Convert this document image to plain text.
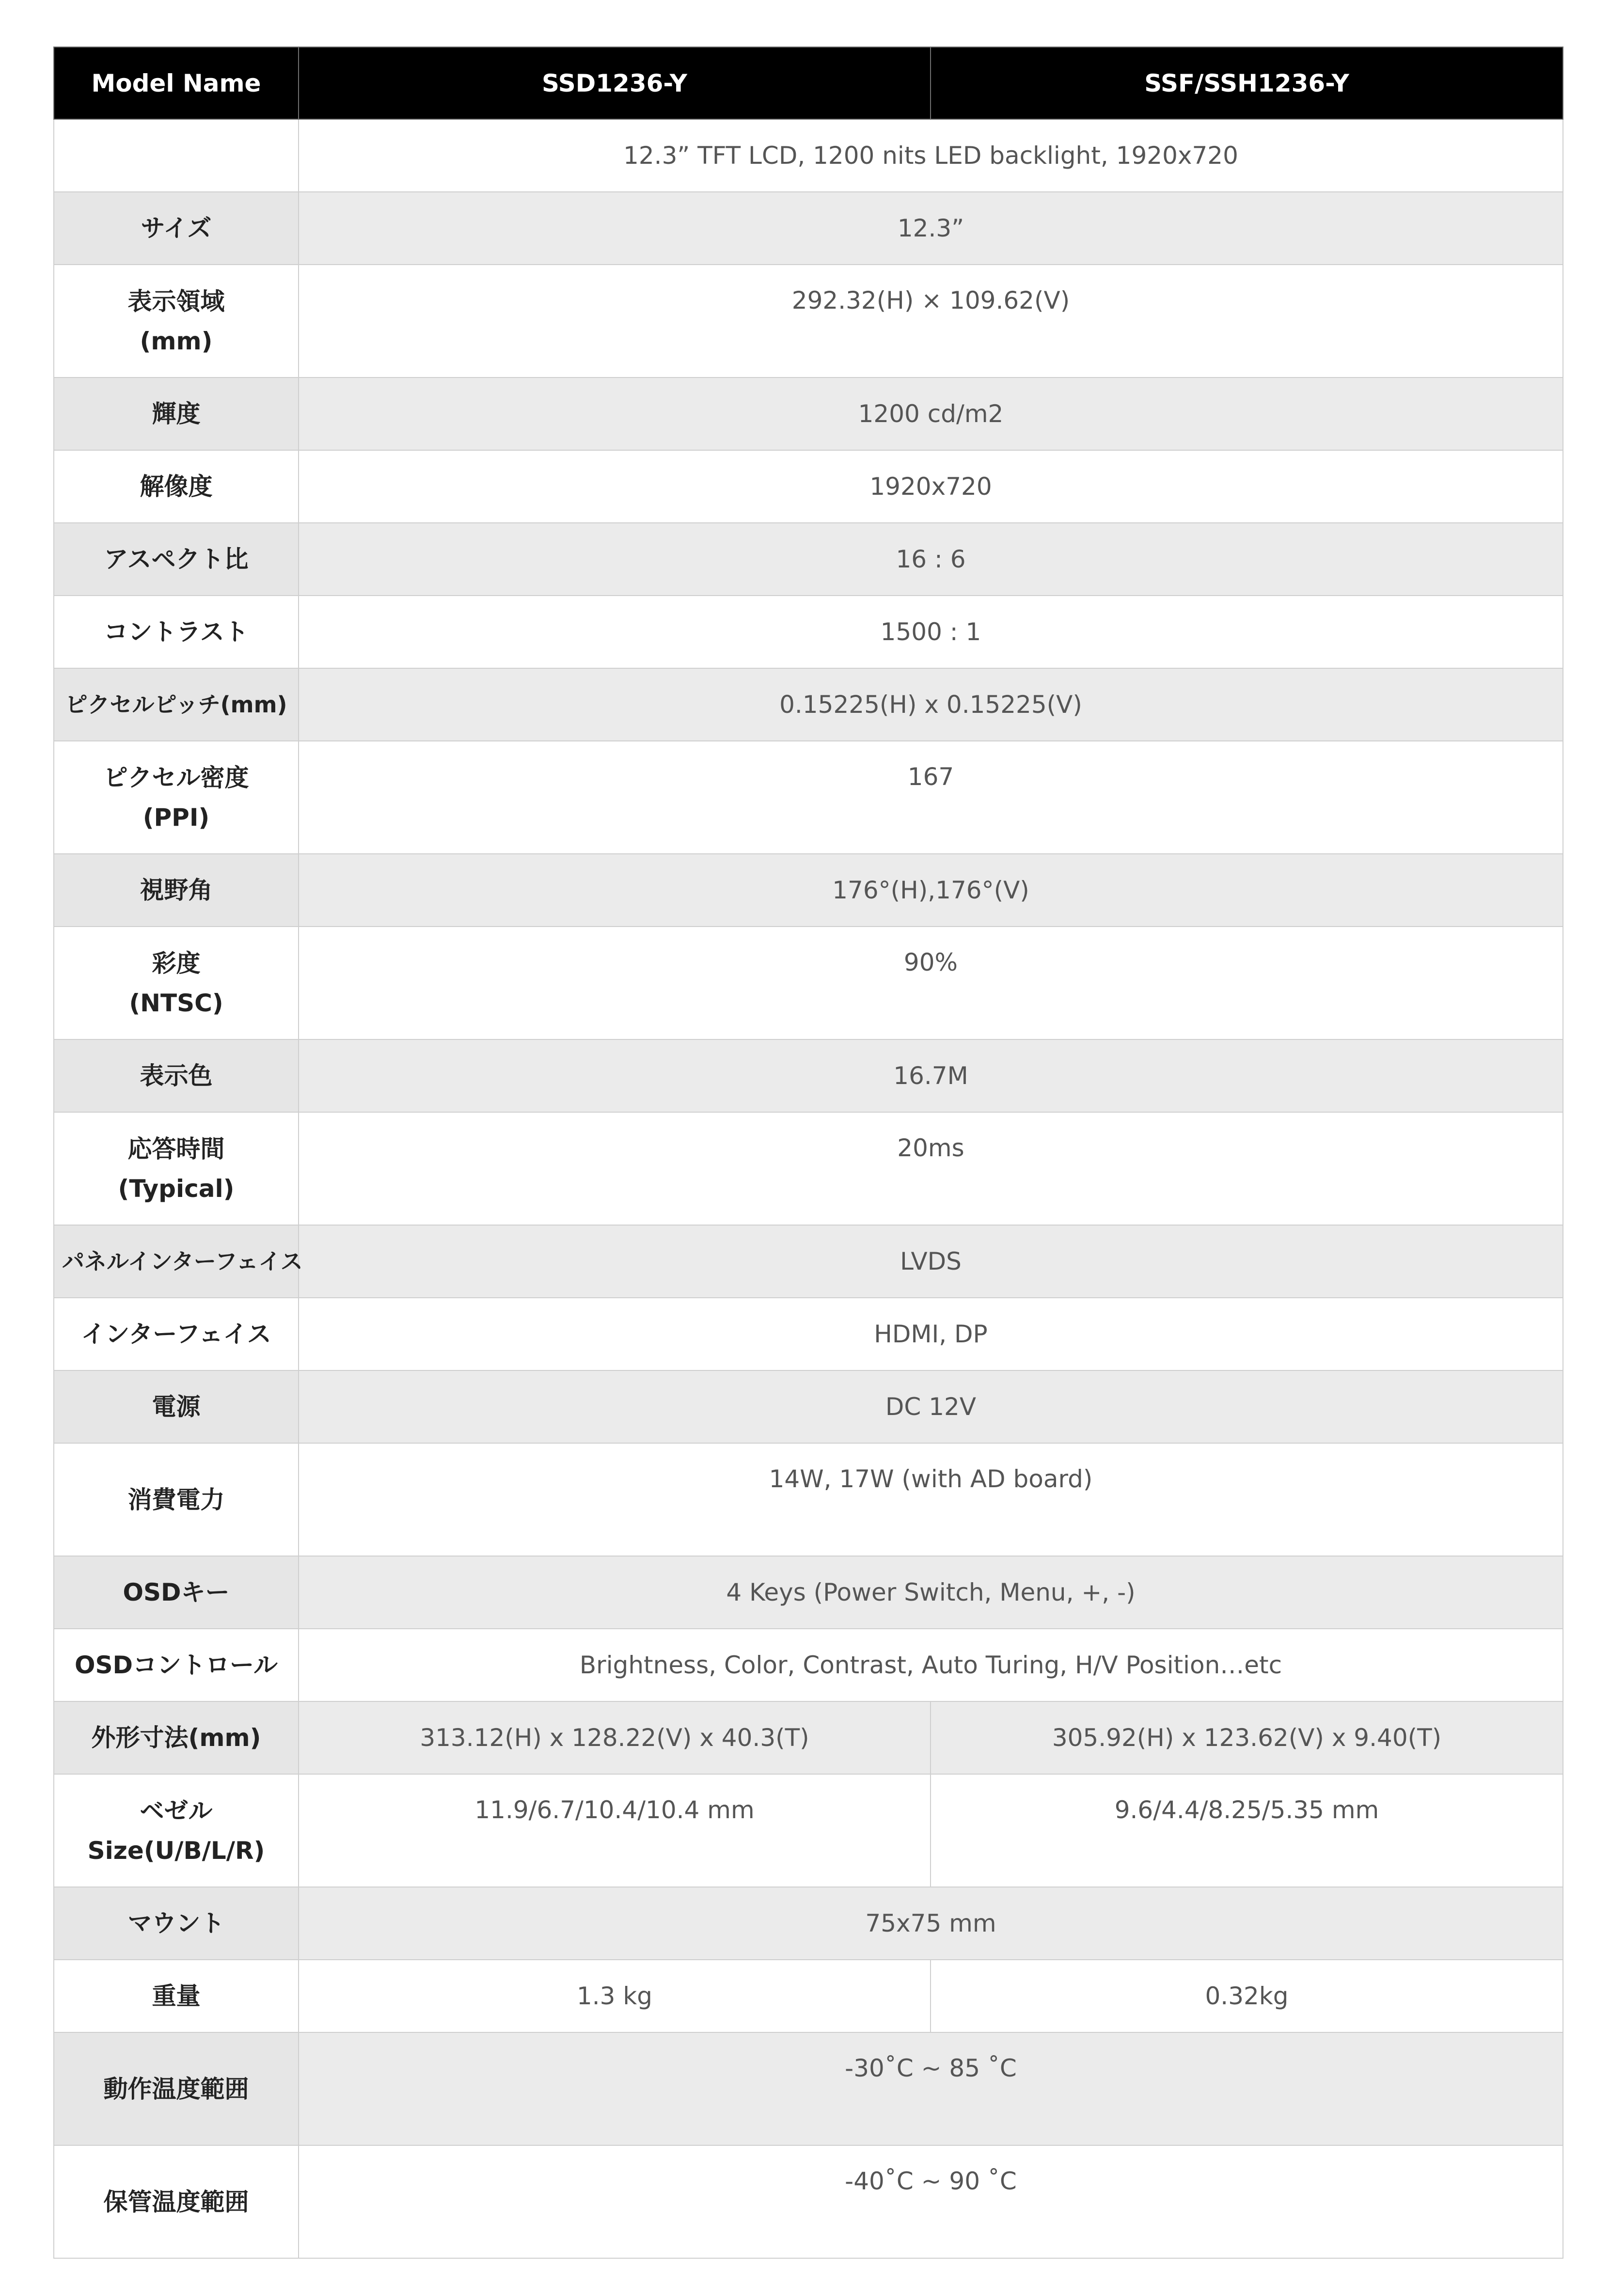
Model Name	SSD1236-Y	SSF/SSH1236-Y
	12.3” TFT LCD, 1200 nits LED backlight, 1920x720	
サイズ	12.3”	

表示領域
(mm)	292.32(H) × 109.62(V)	
輝度	1200 cd/m2	
解像度	1920x720	
アスペクト比	16 : 6	
コントラスト	1500 : 1	
ピクセルピッチ(mm)	0.15225(H) x 0.15225(V)	

ピクセル密度
(PPI)	167	
視野角	176°(H),176°(V)	

彩度
(NTSC)	90%	
表示色	16.7M	

応答時間
(Typical)	20ms	
パネルインターフェイス	LVDS	
インターフェイス	HDMI, DP	
電源	DC 12V	
消費電力	14W, 17W (with AD board)	
OSDキー	4 Keys (Power Switch, Menu, +, -)	
OSDコントロール	Brightness, Color, Contrast, Auto Turing, H/V Position…etc	
外形寸法(mm)	313.12(H) x 128.22(V) x 40.3(T)	305.92(H) x 123.62(V) x 9.40(T)

ベゼル
Size(U/B/L/R)	11.9/6.7/10.4/10.4 mm	9.6/4.4/8.25/5.35 mm
マウント	75x75 mm	
重量	1.3 kg	0.32kg
動作温度範囲	-30˚C ~ 85 ˚C	
保管温度範囲	-40˚C ~ 90 ˚C	
